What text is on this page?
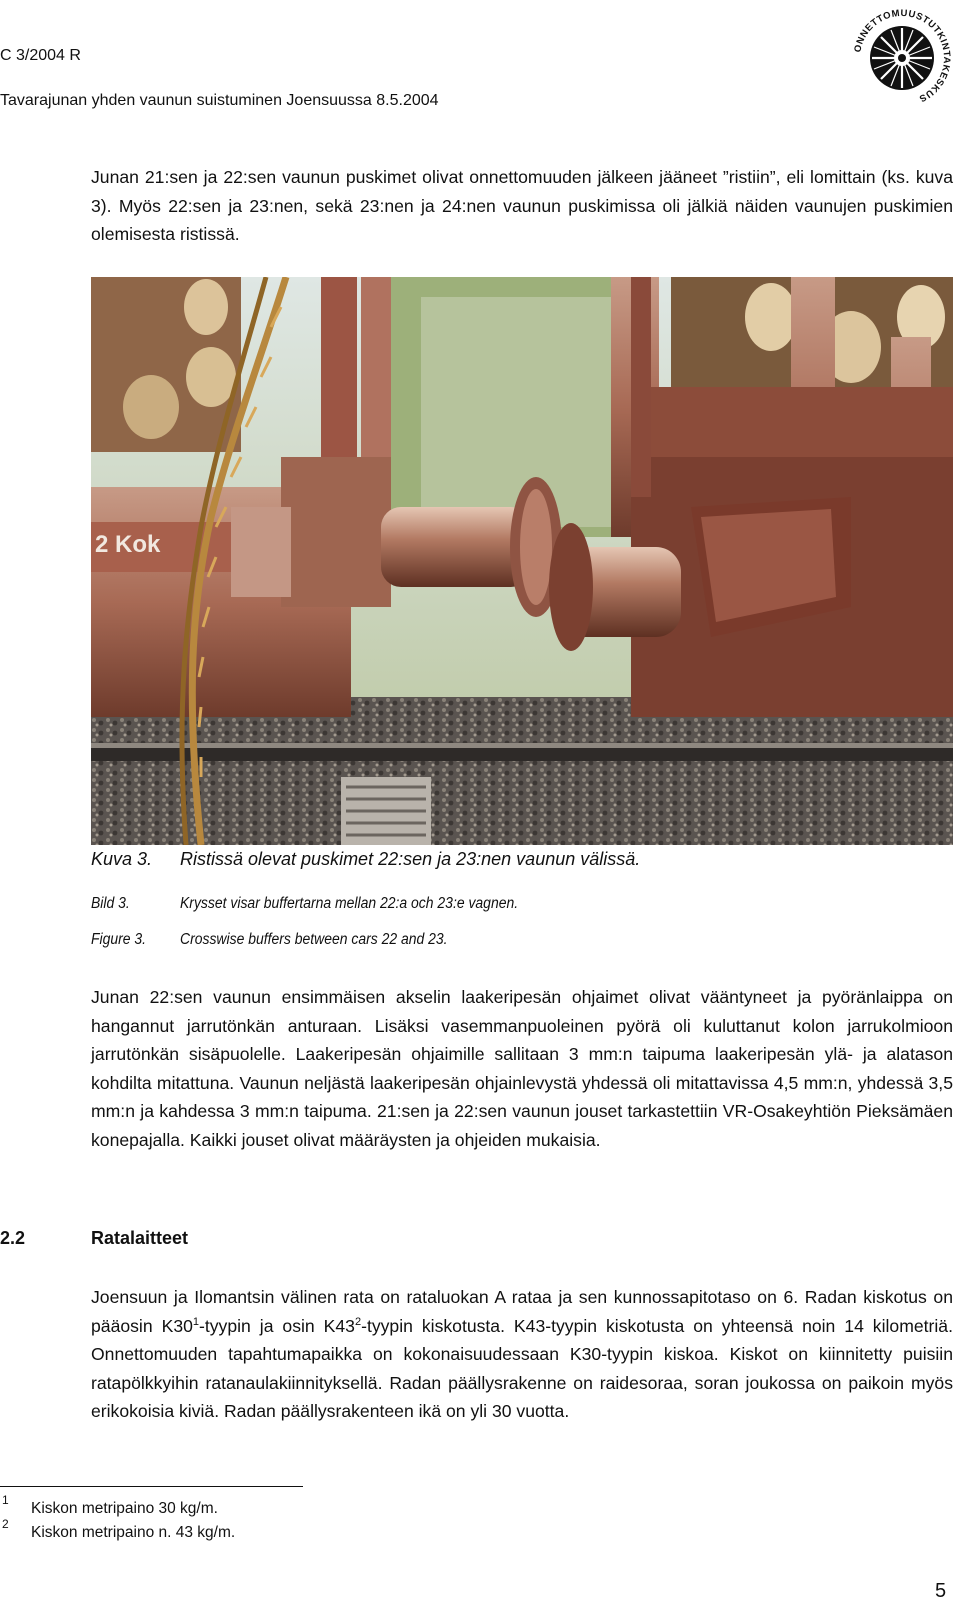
C 3/2004 R
Tavarajunan yhden vaunun suistuminen Joensuussa 8.5.2004
ONNETTOMUUSTUTKINTAKESKUS

Junan 21:sen ja 22:sen vaunun puskimet olivat onnettomuuden jälkeen jääneet ”ristiin”, eli lomittain (ks. kuva 3). Myös 22:sen ja 23:nen, sekä 23:nen ja 24:nen vaunun puskimissa oli jälkiä näiden vaunujen puskimien olemisesta ristissä.

2 Kok
Kuva 3. Ristissä olevat puskimet 22:sen ja 23:nen vaunun välissä.
Bild 3.	Krysset visar buffertarna mellan 22:a och 23:e vagnen.
Figure 3. Crosswise buffers between cars 22 and 23.

Junan 22:sen vaunun ensimmäisen akselin laakeripesän ohjaimet olivat vääntyneet ja pyöränlaippa on hangannut jarrutönkän anturaan. Lisäksi vasemmanpuoleinen pyörä oli kuluttanut kolon jarrukolmioon jarrutönkän sisäpuolelle. Laakeripesän ohjaimille sallitaan 3 mm:n taipuma laakeripesän ylä- ja alatason kohdilta mitattuna. Vaunun neljästä laakeripesän ohjainlevystä yhdessä oli mitattavissa 4,5 mm:n, yhdessä 3,5 mm:n ja kahdessa 3 mm:n taipuma. 21:sen ja 22:sen vaunun jouset tarkastettiin VR-Osakeyhtiön Pieksämäen konepajalla. Kaikki jouset olivat määräysten ja ohjeiden mukaisia.

2.2	Ratalaitteet

Joensuun ja Ilomantsin välinen rata on rataluokan A rataa ja sen kunnossapitotaso on 6. Radan kiskotus on pääosin $K30^1$-tyypin ja osin $K43^2$-tyypin kiskotusta. K43-tyypin kiskotusta on yhteensä noin 14 kilometriä. Onnettomuuden tapahtumapaikka on kokonaisuudessaan K30-tyypin kiskoa. Kiskot on kiinnitetty puisiin ratapölkkyihin ratanaulakiinnityksellä. Radan päällysrakenne on raidesoraa, soran joukossa on paikoin myös erikokoisia kiviä. Radan päällysrakenteen ikä on yli 30 vuotta.

1 Kiskon metripaino 30 kg/m.
2 Kiskon metripaino n. 43 kg/m.
5
